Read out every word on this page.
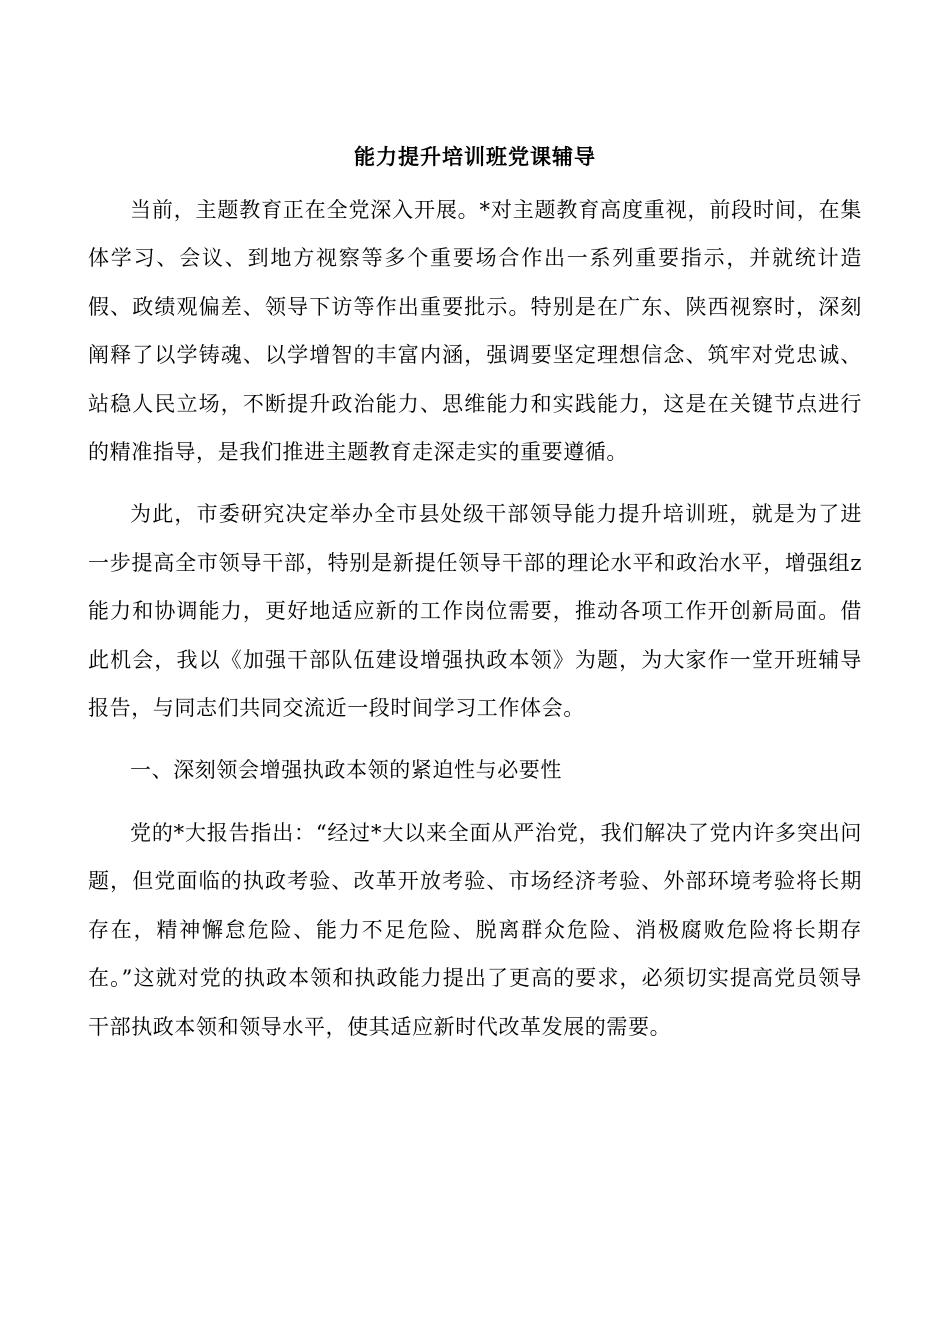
能力提升培训班党课辅导

当前，主题教育正在全党深入开展。*对主题教育高度重视，前段时间，在集体学习、会议、到地方视察等多个重要场合作出一系列重要指示，并就统计造假、政绩观偏差、领导下访等作出重要批示。特别是在广东、陕西视察时，深刻阐释了以学铸魂、以学增智的丰富内涵，强调要坚定理想信念、筑牢对党忠诚、站稳人民立场，不断提升政治能力、思维能力和实践能力，这是在关键节点进行的精准指导，是我们推进主题教育走深走实的重要遵循。

为此，市委研究决定举办全市县处级干部领导能力提升培训班，就是为了进一步提高全市领导干部，特别是新提任领导干部的理论水平和政治水平，增强组z能力和协调能力，更好地适应新的工作岗位需要，推动各项工作开创新局面。借此机会，我以《加强干部队伍建设增强执政本领》为题，为大家作一堂开班辅导报告，与同志们共同交流近一段时间学习工作体会。

一、深刻领会增强执政本领的紧迫性与必要性

党的*大报告指出：“经过*大以来全面从严治党，我们解决了党内许多突出问题，但党面临的执政考验、改革开放考验、市场经济考验、外部环境考验将长期存在，精神懈怠危险、能力不足危险、脱离群众危险、消极腐败危险将长期存在。”这就对党的执政本领和执政能力提出了更高的要求，必须切实提高党员领导干部执政本领和领导水平，使其适应新时代改革发展的需要。
